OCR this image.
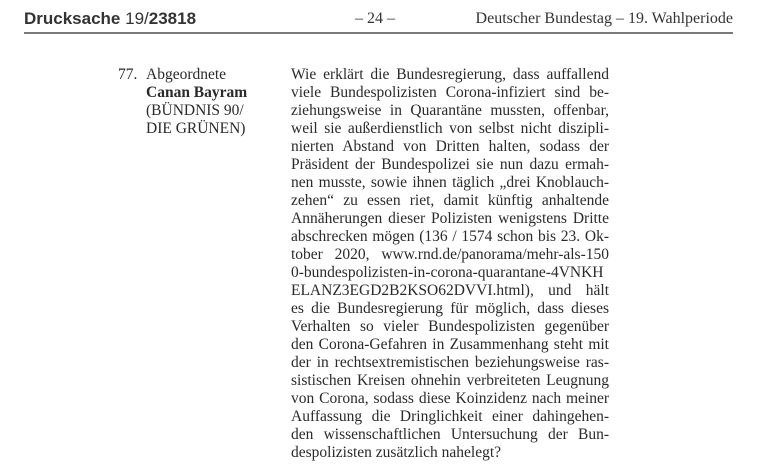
Drucksache 19/23818	– 24 –	Deutscher Bundestag – 19. Wahlperiode
77. Abgeordnete
Canan Bayram
(BÜNDNIS 90/
DIE GRÜNEN)
Wie erklärt die Bundesregierung, dass auffallend
viele Bundespolizisten Corona-infiziert sind be-
ziehungsweise in Quarantäne mussten, offenbar,
weil sie außerdienstlich von selbst nicht diszipli-
nierten Abstand von Dritten halten, sodass der
Präsident der Bundespolizei sie nun dazu ermah-
nen musste, sowie ihnen täglich „drei Knoblauch-
zehen“ zu essen riet, damit künftig anhaltende
Annäherungen dieser Polizisten wenigstens Dritte
abschrecken mögen (136 / 1574 schon bis 23. Ok-
tober 2020, www.rnd.de/panorama/mehr-als-150
0-bundespolizisten-in-corona-quarantane-4VNKH
ELANZ3EGD2B2KSO62DVVI.html), und hält
es die Bundesregierung für möglich, dass dieses
Verhalten so vieler Bundespolizisten gegenüber
den Corona-Gefahren in Zusammenhang steht mit
der in rechtsextremistischen beziehungsweise ras-
sistischen Kreisen ohnehin verbreiteten Leugnung
von Corona, sodass diese Koinzidenz nach meiner
Auffassung die Dringlichkeit einer dahingehen-
den wissenschaftlichen Untersuchung der Bun-
despolizisten zusätzlich nahelegt?
